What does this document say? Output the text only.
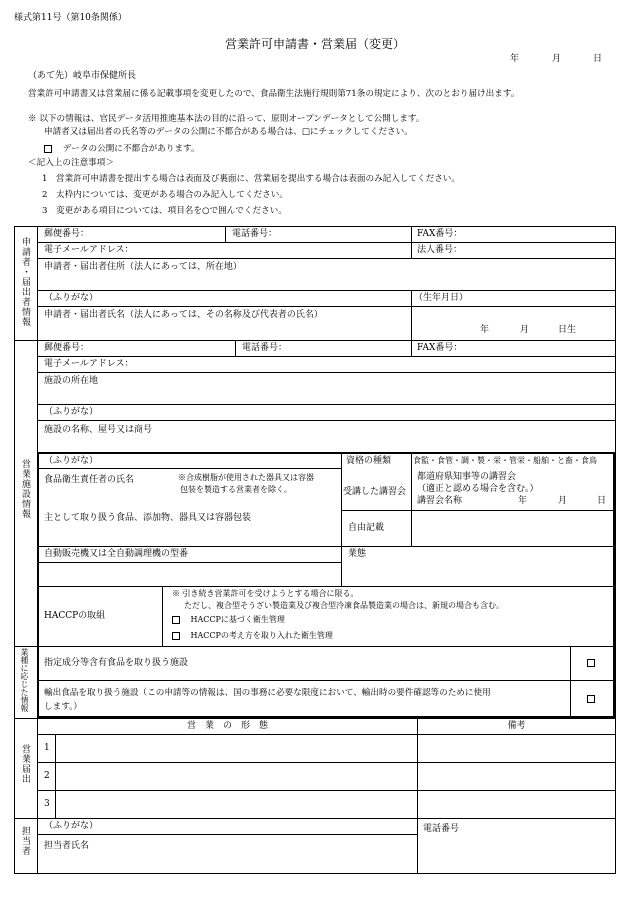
様式第11号（第10条関係）
営業許可申請書・営業届（変更）
年	月	日
（あて先）岐阜市保健所長
営業許可申請書又は営業届に係る記載事項を変更したので、食品衛生法施行規則第71条の規定により、次のとおり届け出ます。
※ 以下の情報は、官民データ活用推進基本法の目的に沿って、原則オープンデータとして公開します。
申請者又は届出者の氏名等のデータの公開に不都合がある場合は、□にチェックしてください。
データの公開に不都合があります。
＜記入上の注意事項＞
1　営業許可申請書を提出する場合は表面及び裏面に、営業届を提出する場合は表面のみ記入してください。
2　太枠内については、変更がある場合のみ記入してください。
3　変更がある項目については、項目名を○で囲んでください。
申請者・届出者情報
営業施設情報
業種に応じた情報
営業届出
担当者
郵便番号：	電話番号：	FAX番号：
電子メールアドレス：	法人番号：
申請者・届出者住所（法人にあっては、所在地）
（ふりがな）	（生年月日）
申請者・届出者氏名（法人にあっては、その名称及び代表者の氏名）
年	月	日生
郵便番号：	電話番号：	FAX番号：
電子メールアドレス：
施設の所在地
（ふりがな）
施設の名称、屋号又は商号
（ふりがな）
食品衛生責任者の氏名	※合成樹脂が使用された器具又は容器
包装を製造する営業者を除く。
資格の種類	食監・食管・調・製・栄・管栄・船舶・と畜・食鳥
受講した講習会
都道府県知事等の講習会
（適正と認める場合を含む。）
講習会名称	年	月	日
主として取り扱う食品、添加物、器具又は容器包装
自由記載
自動販売機又は全自動調理機の型番	業態
HACCPの取組
※ 引き続き営業許可を受けようとする場合に限る。
ただし、複合型そうざい製造業及び複合型冷凍食品製造業の場合は、新規の場合も含む。
HACCPに基づく衛生管理
HACCPの考え方を取り入れた衛生管理
指定成分等含有食品を取り扱う施設
輸出食品を取り扱う施設（この申請等の情報は、国の事務に必要な限度において、輸出時の要件確認等のために使用
します。）
営　業　の　形　態	備考
1
2
3
（ふりがな）
担当者氏名
電話番号
